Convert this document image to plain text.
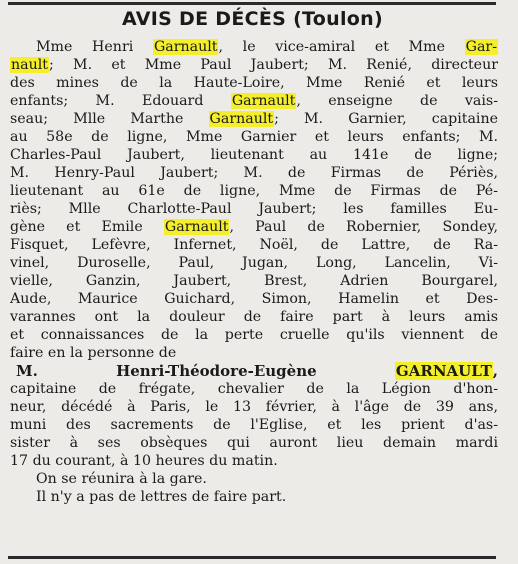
AVIS DE DÉCÈS (Toulon)
Mme Henri Garnault, le vice-amiral et Mme Gar-
nault; M. et Mme Paul Jaubert; M. Renié, directeur
des mines de la Haute-Loire, Mme Renié et leurs
enfants; M. Edouard Garnault, enseigne de vais-
seau; Mlle Marthe Garnault; M. Garnier, capitaine
au 58e de ligne, Mme Garnier et leurs enfants; M.
Charles-Paul Jaubert, lieutenant au 141e de ligne;
M. Henry-Paul Jaubert; M. de Firmas de Périès,
lieutenant au 61e de ligne, Mme de Firmas de Pé-
riès; Mlle Charlotte-Paul Jaubert; les familles Eu-
gène et Emile Garnault, Paul de Robernier, Sondey,
Fisquet, Lefèvre, Infernet, Noël, de Lattre, de Ra-
vinel, Duroselle, Paul, Jugan, Long, Lancelin, Vi-
vielle, Ganzin, Jaubert, Brest, Adrien Bourgarel,
Aude, Maurice Guichard, Simon, Hamelin et Des-
varannes ont la douleur de faire part à leurs amis
et connaissances de la perte cruelle qu'ils viennent de
faire en la personne de
M. Henri-Théodore-Eugène GARNAULT,
capitaine de frégate, chevalier de la Légion d'hon-
neur, décédé à Paris, le 13 février, à l'âge de 39 ans,
muni des sacrements de l'Eglise, et les prient d'as-
sister à ses obsèques qui auront lieu demain mardi
17 du courant, à 10 heures du matin.
On se réunira à la gare.
Il n'y a pas de lettres de faire part.
